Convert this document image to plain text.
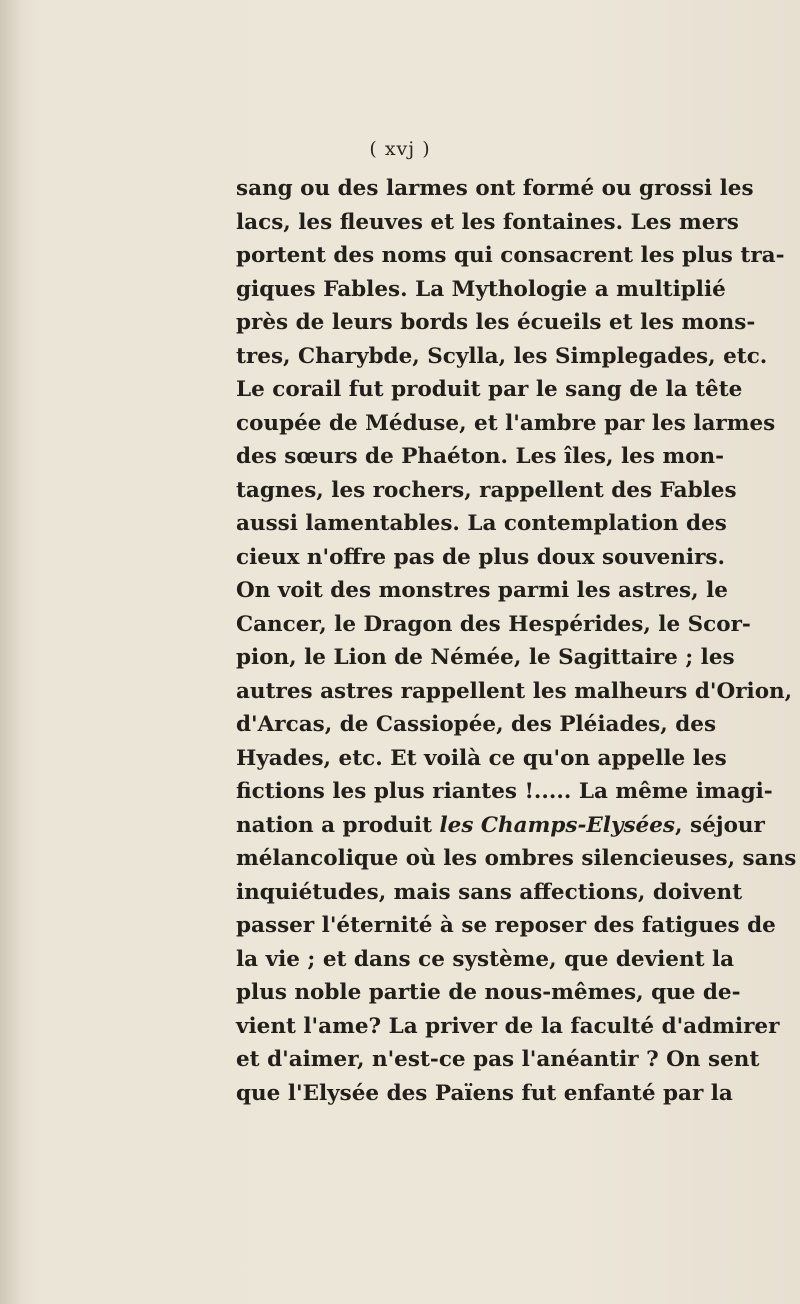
( xvj )
sang ou des larmes ont formé ou grossi les
lacs, les fleuves et les fontaines. Les mers
portent des noms qui consacrent les plus tra-
giques Fables. La Mythologie a multiplié
près de leurs bords les écueils et les mons-
tres, Charybde, Scylla, les Simplegades, etc.
Le corail fut produit par le sang de la tête
coupée de Méduse, et l'ambre par les larmes
des sœurs de Phaéton. Les îles, les mon-
tagnes, les rochers, rappellent des Fables
aussi lamentables. La contemplation des
cieux n'offre pas de plus doux souvenirs.
On voit des monstres parmi les astres, le
Cancer, le Dragon des Hespérides, le Scor-
pion, le Lion de Némée, le Sagittaire ; les
autres astres rappellent les malheurs d'Orion,
d'Arcas, de Cassiopée, des Pléiades, des
Hyades, etc. Et voilà ce qu'on appelle les
fictions les plus riantes !..... La même imagi-
nation a produit les Champs-Elysées, séjour
mélancolique où les ombres silencieuses, sans
inquiétudes, mais sans affections, doivent
passer l'éternité à se reposer des fatigues de
la vie ; et dans ce système, que devient la
plus noble partie de nous-mêmes, que de-
vient l'ame? La priver de la faculté d'admirer
et d'aimer, n'est-ce pas l'anéantir ? On sent
que l'Elysée des Païens fut enfanté par la
